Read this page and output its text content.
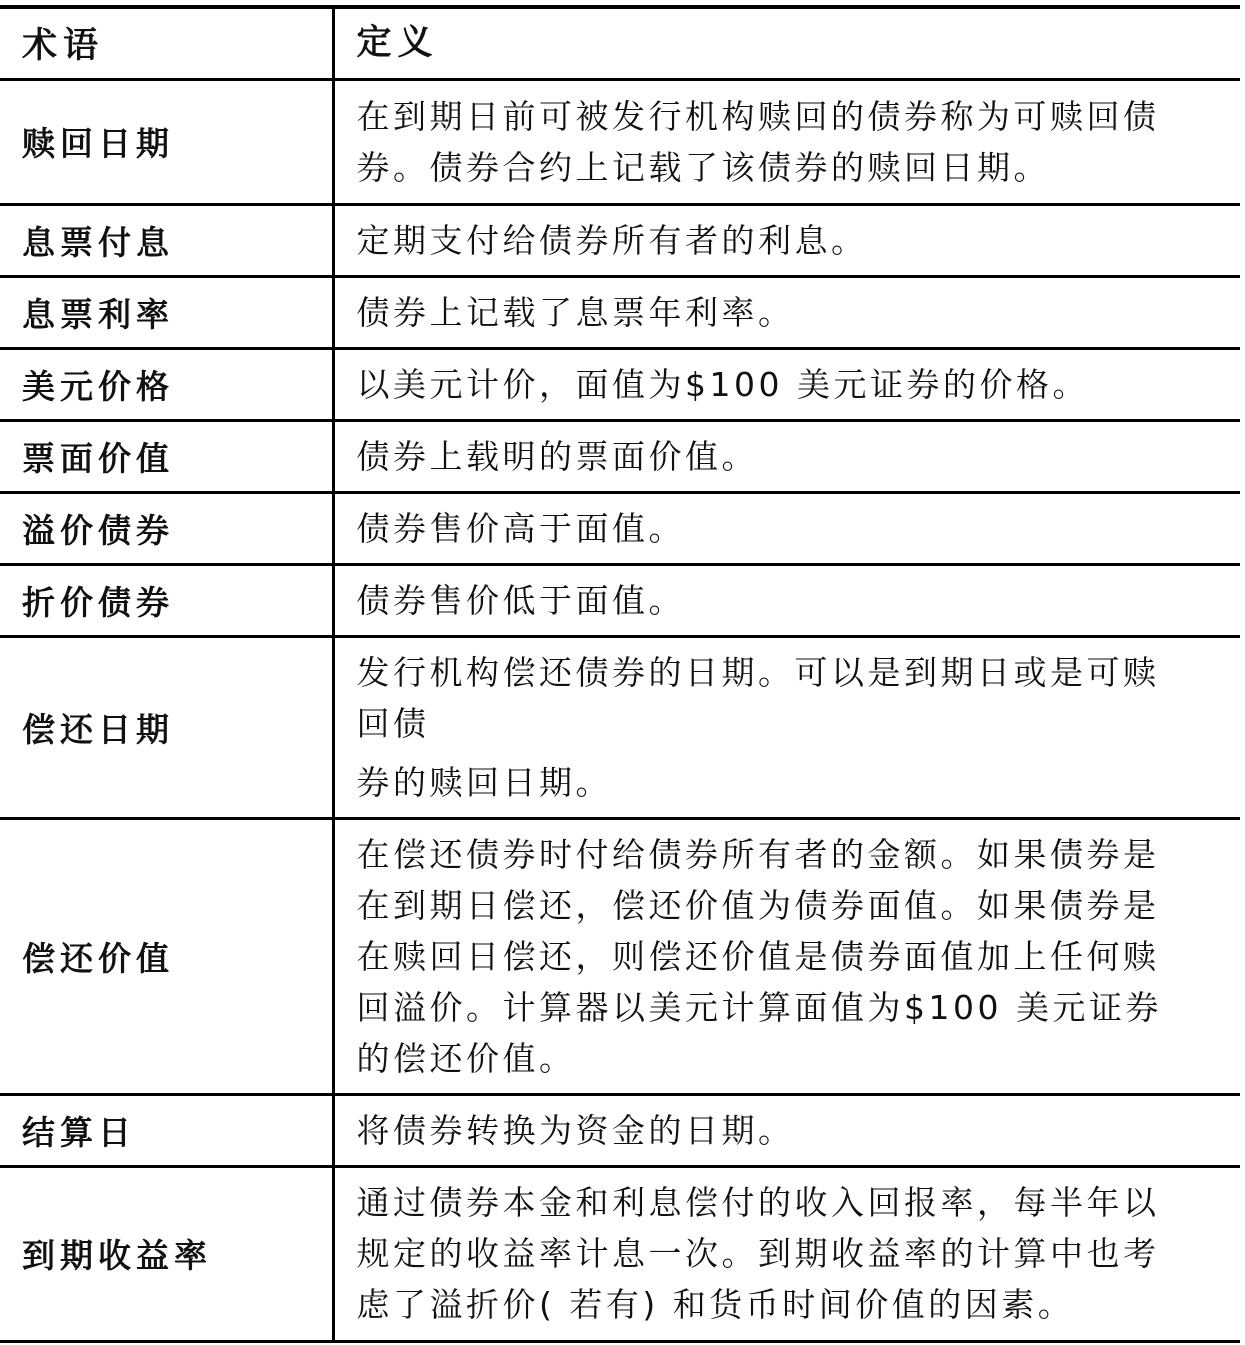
术语	定义
赎回日期	在到期日前可被发行机构赎回的债券称为可赎回债
券。债券合约上记载了该债券的赎回日期。

息票付息	定期支付给债券所有者的利息。

息票利率	债券上记载了息票年利率。

美元价格	以美元计价，面值为$100 美元证券的价格。

票面价值	债券上载明的票面价值。

溢价债券	债券售价高于面值。

折价债券	债券售价低于面值。

偿还日期	发行机构偿还债券的日期。可以是到期日或是可赎
回债
券的赎回日期。

偿还价值	在偿还债券时付给债券所有者的金额。如果债券是
在到期日偿还，偿还价值为债券面值。如果债券是
在赎回日偿还，则偿还价值是债券面值加上任何赎
回溢价。计算器以美元计算面值为$100 美元证券
的偿还价值。

结算日	将债券转换为资金的日期。

到期收益率	通过债券本金和利息偿付的收入回报率，每半年以
规定的收益率计息一次。到期收益率的计算中也考
虑了溢折价( 若有) 和货币时间价值的因素。
